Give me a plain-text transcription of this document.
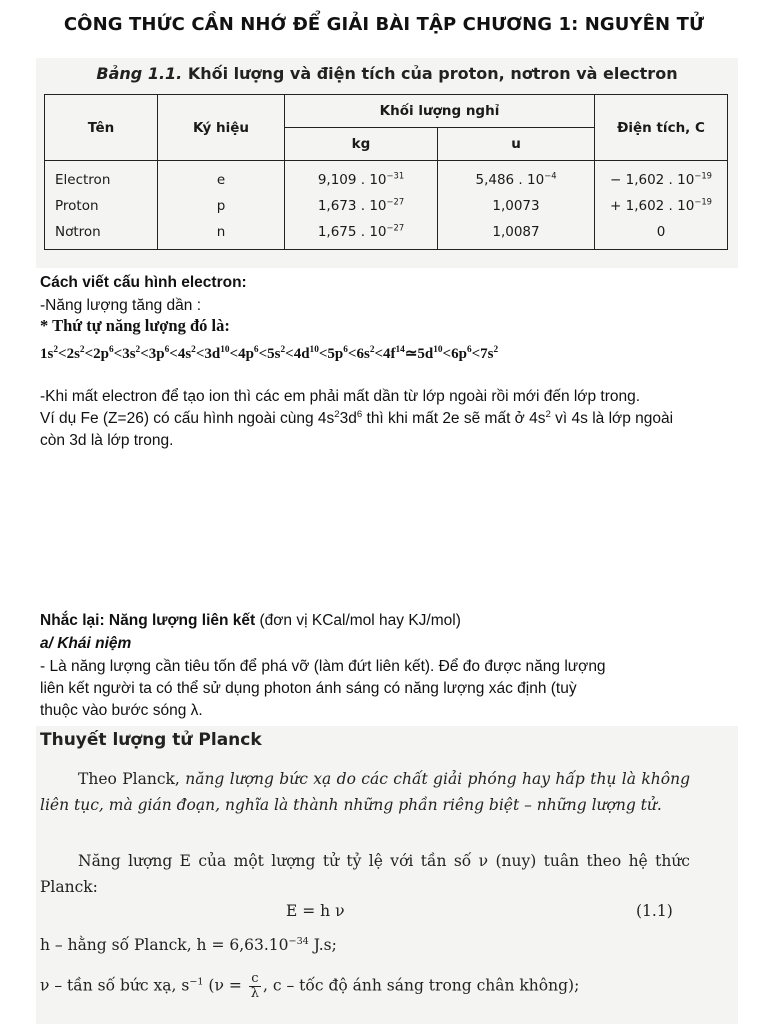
CÔNG THỨC CẦN NHỚ ĐỂ GIẢI BÀI TẬP CHƯƠNG 1: NGUYÊN TỬ
Bảng 1.1. Khối lượng và điện tích của proton, nơtron và electron
Tên	Ký hiệu	Khối lượng nghỉ		Điện tích, C
		kg	u	
Electron	e	9,109 . $10^{-31}$	5,486 . $10^{-4}$	− 1,602 . $10^{-19}$
Proton	p	1,673 . $10^{-27}$	1,0073	+ 1,602 . $10^{-19}$
Nơtron	n	1,675 . $10^{-27}$	1,0087	0
Cách viết cấu hình electron:
-Năng lượng tăng dần :
* Thứ tự năng lượng đó là:
$1s^2<2s^2<2p^6<3s^2<3p^6<4s^2<3d^{10}<4p^6<5s^2<4d^{10}<5p^6<6s^2<4f^{14}≃5d^{10}<6p^6<7s^2$
-Khi mất electron để tạo ion thì các em phải mất dần từ lớp ngoài rồi mới đến lớp trong.
Ví dụ Fe (Z=26) có cấu hình ngoài cùng $4s^23d^6$ thì khi mất 2e sẽ mất ở $4s^2$ vì 4s là lớp ngoài
còn 3d là lớp trong.
Nhắc lại: Năng lượng liên kết (đơn vị KCal/mol hay KJ/mol)
a/ Khái niệm
- Là năng lượng cần tiêu tốn để phá vỡ (làm đứt liên kết). Để đo được năng lượng
liên kết người ta có thể sử dụng photon ánh sáng có năng lượng xác định (tuỳ
thuộc vào bước sóng λ.
Thuyết lượng tử Planck
Theo Planck, năng lượng bức xạ do các chất giải phóng hay hấp thụ là không liên tục, mà gián đoạn, nghĩa là thành những phần riêng biệt – những lượng tử.
Năng lượng E của một lượng tử tỷ lệ với tần số ν (nuy) tuân theo hệ thức Planck:
E = h ν	(1.1)
h – hằng số Planck, $h = 6,63.10^{-34}$ J.s;
ν – tần số bức xạ, $s^{-1}$ ($\nu = \frac{c}{\lambda}$ , c – tốc độ ánh sáng trong chân không);
